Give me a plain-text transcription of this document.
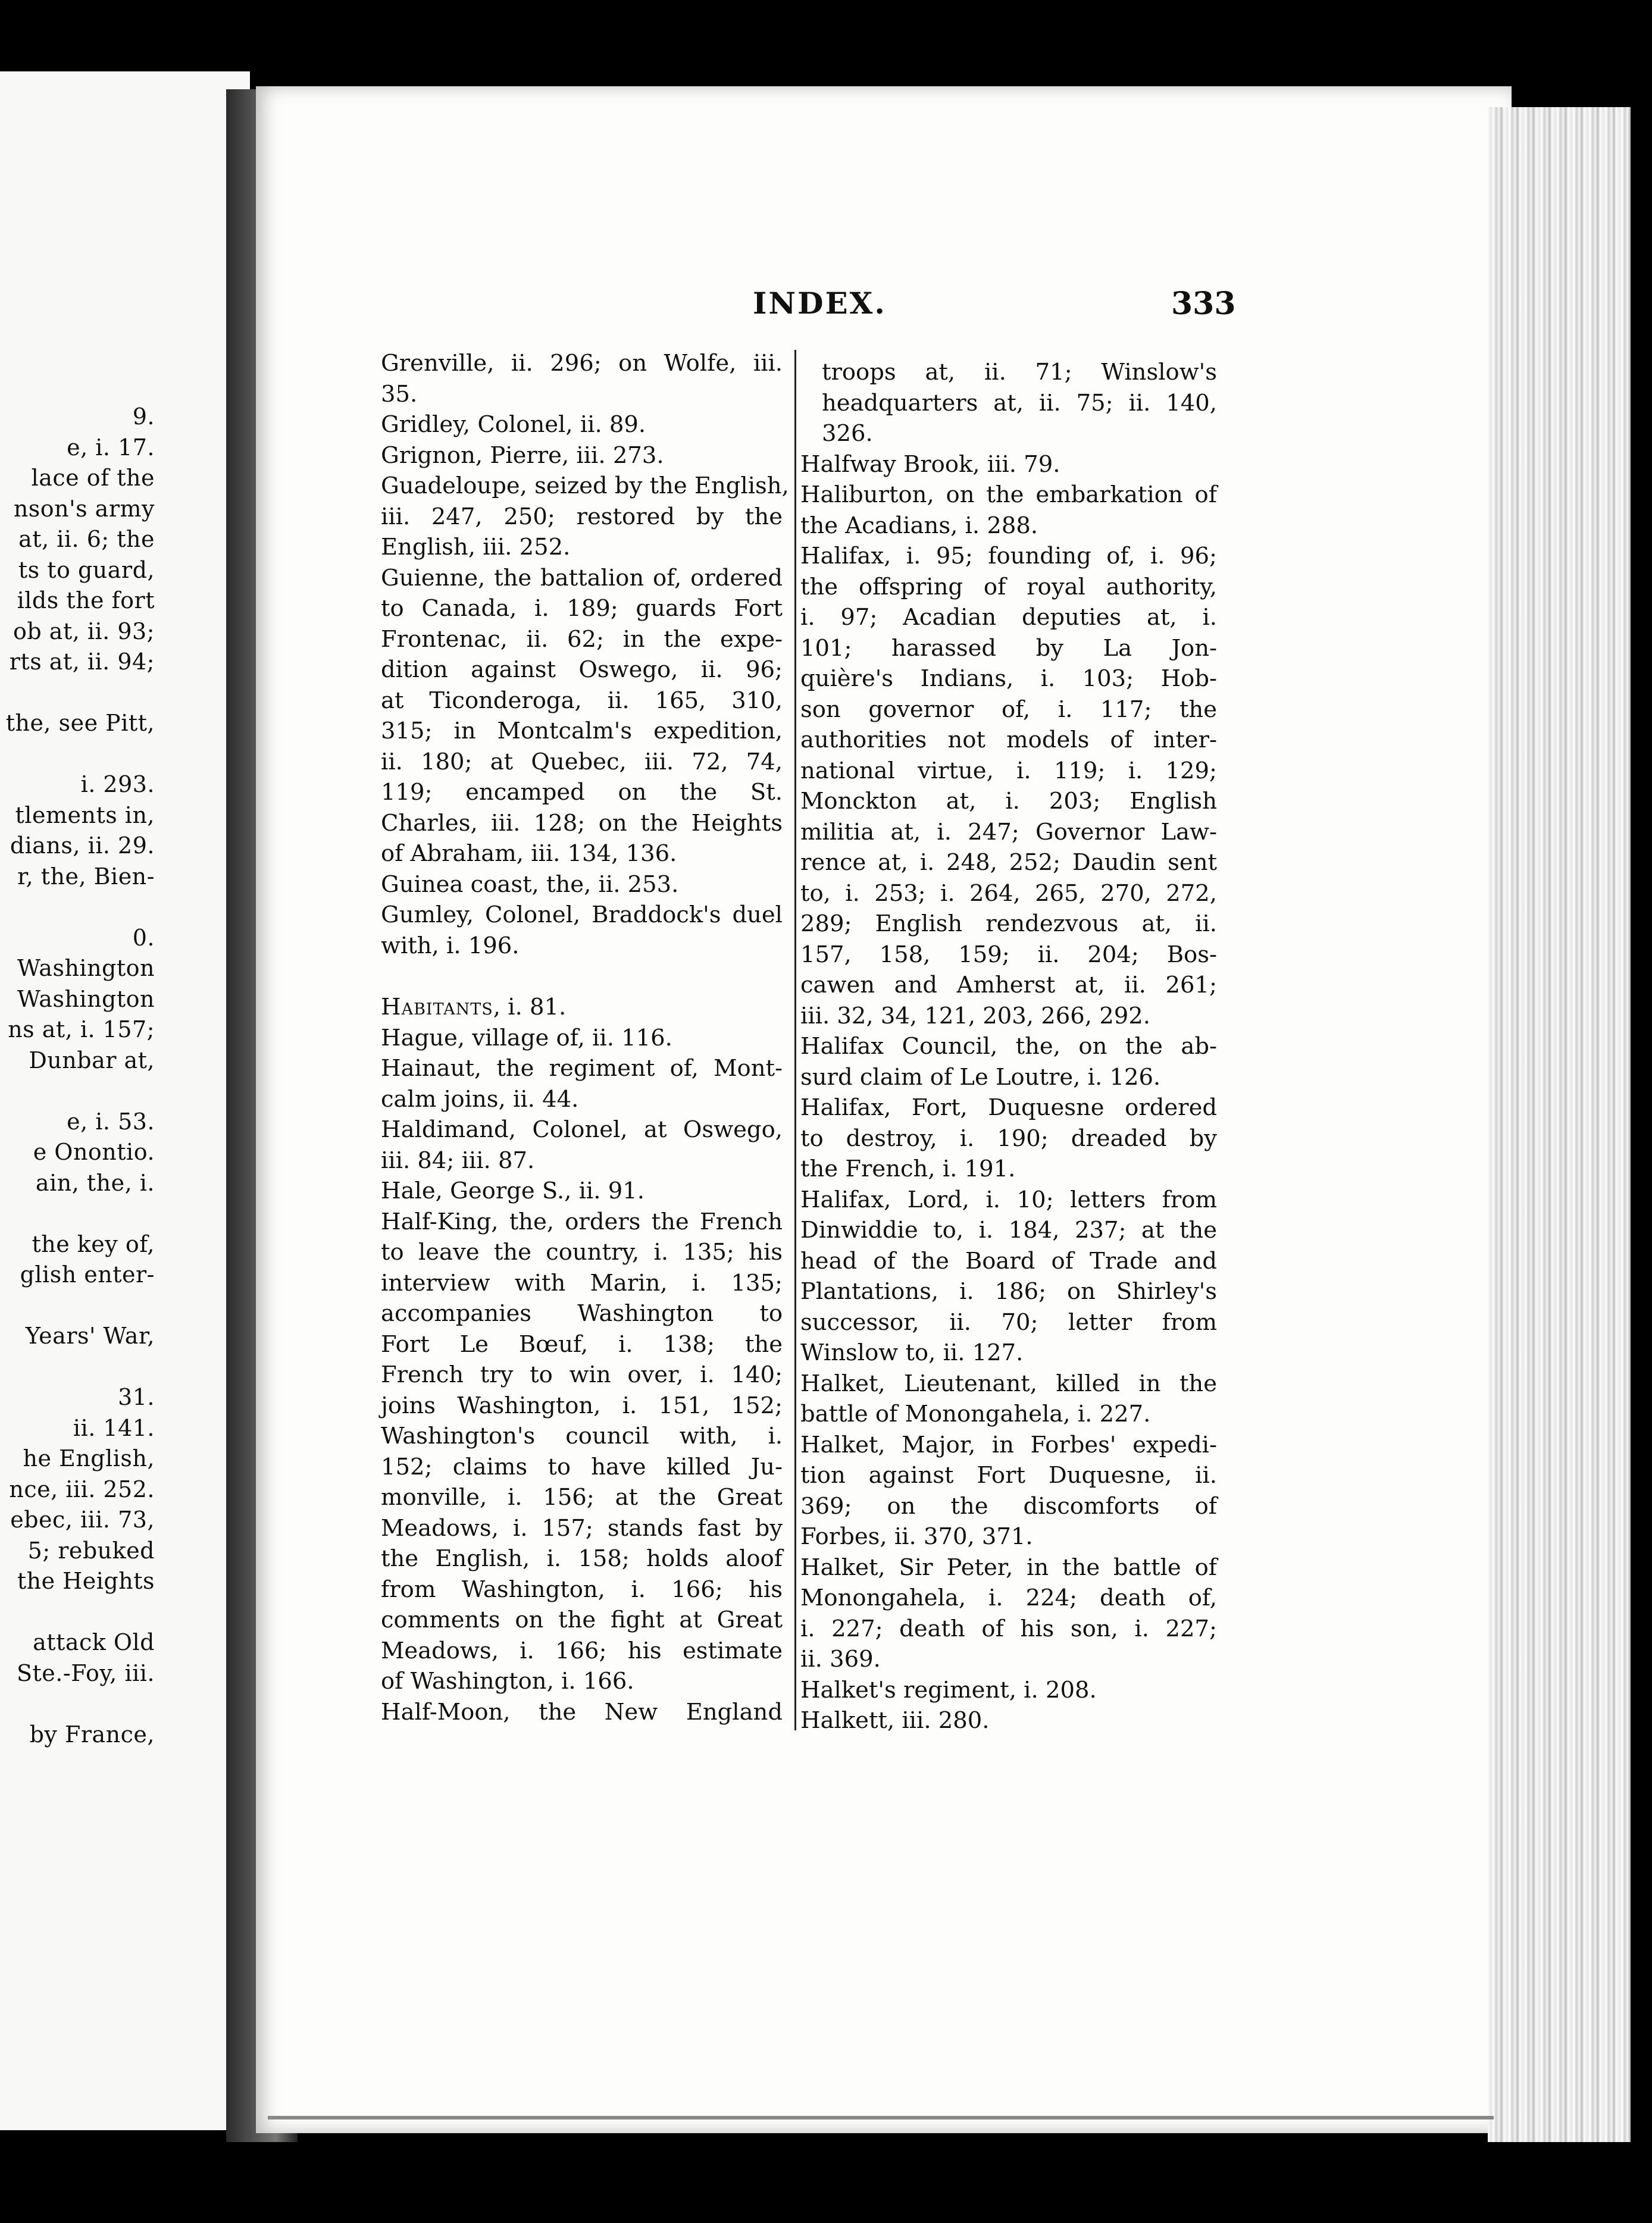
9.
e, i. 17.
lace of the
nson's army
at, ii. 6; the
ts to guard,
ilds the fort
ob at, ii. 93;
rts at, ii. 94;

the, see Pitt,

i. 293.
tlements in,
dians, ii. 29.
r, the, Bien-

0.
Washington
Washington
ns at, i. 157;
Dunbar at,

e, i. 53.
e Onontio.
ain, the, i.

the key of,
glish enter-

Years' War,

31.
ii. 141.
he English,
nce, iii. 252.
ebec, iii. 73,
5; rebuked
the Heights

attack Old
Ste.-Foy, iii.

by France,
INDEX.	333
Grenville, ii. 296; on Wolfe, iii.
35.
Gridley, Colonel, ii. 89.
Grignon, Pierre, iii. 273.
Guadeloupe, seized by the English,
iii. 247, 250; restored by the
English, iii. 252.
Guienne, the battalion of, ordered
to Canada, i. 189; guards Fort
Frontenac, ii. 62; in the expe-
dition against Oswego, ii. 96;
at Ticonderoga, ii. 165, 310,
315; in Montcalm's expedition,
ii. 180; at Quebec, iii. 72, 74,
119; encamped on the St.
Charles, iii. 128; on the Heights
of Abraham, iii. 134, 136.
Guinea coast, the, ii. 253.
Gumley, Colonel, Braddock's duel
with, i. 196.
Habitants, i. 81.
Hague, village of, ii. 116.
Hainaut, the regiment of, Mont-
calm joins, ii. 44.
Haldimand, Colonel, at Oswego,
iii. 84; iii. 87.
Hale, George S., ii. 91.
Half-King, the, orders the French
to leave the country, i. 135; his
interview with Marin, i. 135;
accompanies Washington to
Fort Le Bœuf, i. 138; the
French try to win over, i. 140;
joins Washington, i. 151, 152;
Washington's council with, i.
152; claims to have killed Ju-
monville, i. 156; at the Great
Meadows, i. 157; stands fast by
the English, i. 158; holds aloof
from Washington, i. 166; his
comments on the fight at Great
Meadows, i. 166; his estimate
of Washington, i. 166.
Half-Moon, the New England
troops at, ii. 71; Winslow's
headquarters at, ii. 75; ii. 140,
326.
Halfway Brook, iii. 79.
Haliburton, on the embarkation of
the Acadians, i. 288.
Halifax, i. 95; founding of, i. 96;
the offspring of royal authority,
i. 97; Acadian deputies at, i.
101; harassed by La Jon-
quière's Indians, i. 103; Hob-
son governor of, i. 117; the
authorities not models of inter-
national virtue, i. 119; i. 129;
Monckton at, i. 203; English
militia at, i. 247; Governor Law-
rence at, i. 248, 252; Daudin sent
to, i. 253; i. 264, 265, 270, 272,
289; English rendezvous at, ii.
157, 158, 159; ii. 204; Bos-
cawen and Amherst at, ii. 261;
iii. 32, 34, 121, 203, 266, 292.
Halifax Council, the, on the ab-
surd claim of Le Loutre, i. 126.
Halifax, Fort, Duquesne ordered
to destroy, i. 190; dreaded by
the French, i. 191.
Halifax, Lord, i. 10; letters from
Dinwiddie to, i. 184, 237; at the
head of the Board of Trade and
Plantations, i. 186; on Shirley's
successor, ii. 70; letter from
Winslow to, ii. 127.
Halket, Lieutenant, killed in the
battle of Monongahela, i. 227.
Halket, Major, in Forbes' expedi-
tion against Fort Duquesne, ii.
369; on the discomforts of
Forbes, ii. 370, 371.
Halket, Sir Peter, in the battle of
Monongahela, i. 224; death of,
i. 227; death of his son, i. 227;
ii. 369.
Halket's regiment, i. 208.
Halkett, iii. 280.
